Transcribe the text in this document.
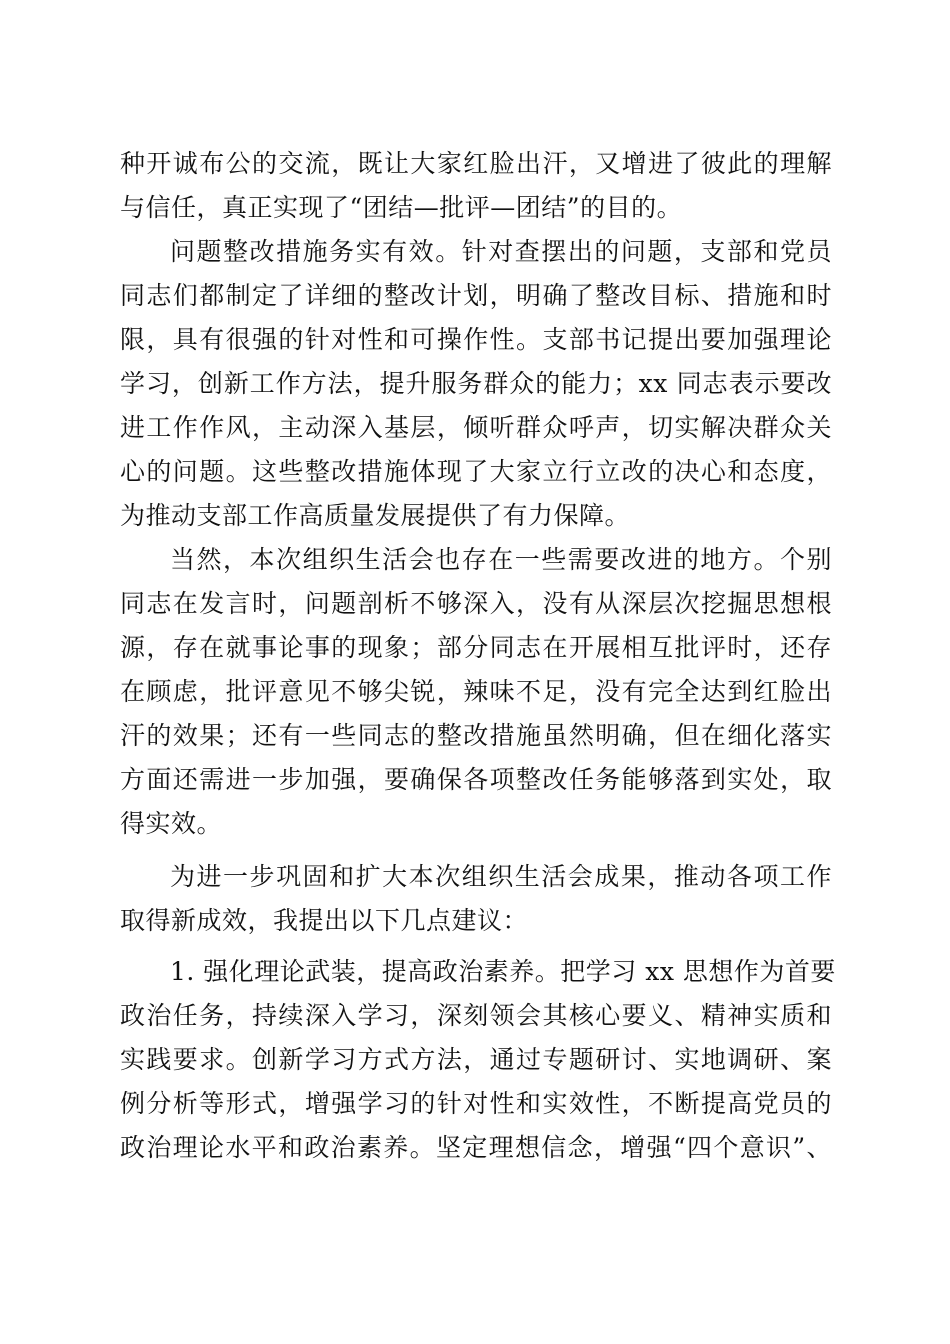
种开诚布公的交流，既让大家红脸出汗，又增进了彼此的理解
与信任，真正实现了“团结—批评—团结”的目的。
问题整改措施务实有效。针对查摆出的问题，支部和党员
同志们都制定了详细的整改计划，明确了整改目标、措施和时
限，具有很强的针对性和可操作性。支部书记提出要加强理论
学习，创新工作方法，提升服务群众的能力；xx 同志表示要改
进工作作风，主动深入基层，倾听群众呼声，切实解决群众关
心的问题。这些整改措施体现了大家立行立改的决心和态度，
为推动支部工作高质量发展提供了有力保障。
当然，本次组织生活会也存在一些需要改进的地方。个别
同志在发言时，问题剖析不够深入，没有从深层次挖掘思想根
源，存在就事论事的现象；部分同志在开展相互批评时，还存
在顾虑，批评意见不够尖锐，辣味不足，没有完全达到红脸出
汗的效果；还有一些同志的整改措施虽然明确，但在细化落实
方面还需进一步加强，要确保各项整改任务能够落到实处，取
得实效。
为进一步巩固和扩大本次组织生活会成果，推动各项工作
取得新成效，我提出以下几点建议：
1. 强化理论武装，提高政治素养。把学习 xx 思想作为首要
政治任务，持续深入学习，深刻领会其核心要义、精神实质和
实践要求。创新学习方式方法，通过专题研讨、实地调研、案
例分析等形式，增强学习的针对性和实效性，不断提高党员的
政治理论水平和政治素养。坚定理想信念，增强“四个意识”、
